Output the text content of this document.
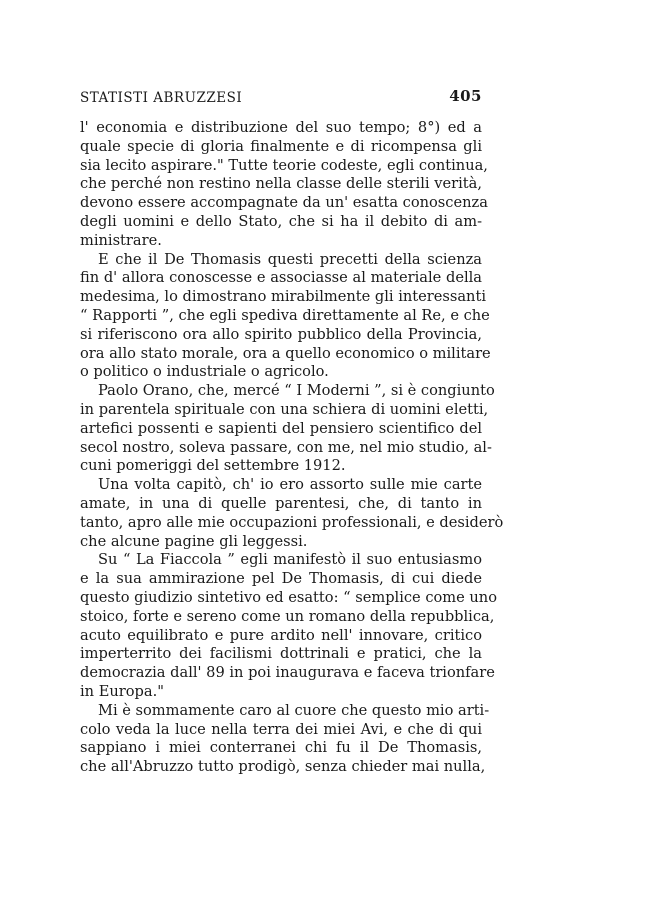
STATISTI ABRUZZESI	405
l' economia e distribuzione del suo tempo; 8°) ed a
quale specie di gloria finalmente e di ricompensa gli
sia lecito aspirare." Tutte teorie codeste, egli continua,
che perché non restino nella classe delle sterili verità,
devono essere accompagnate da un' esatta conoscenza
degli uomini e dello Stato, che si ha il debito di am-
ministrare.
E che il De Thomasis questi precetti della scienza
fin d' allora conoscesse e associasse al materiale della
medesima, lo dimostrano mirabilmente gli interessanti
“ Rapporti ”, che egli spediva direttamente al Re, e che
si riferiscono ora allo spirito pubblico della Provincia,
ora allo stato morale, ora a quello economico o militare
o politico o industriale o agricolo.
Paolo Orano, che, mercé “ I Moderni ”, si è congiunto
in parentela spirituale con una schiera di uomini eletti,
artefici possenti e sapienti del pensiero scientifico del
secol nostro, soleva passare, con me, nel mio studio, al-
cuni pomeriggi del settembre 1912.
Una volta capitò, ch' io ero assorto sulle mie carte
amate, in una di quelle parentesi, che, di tanto in
tanto, apro alle mie occupazioni professionali, e desiderò
che alcune pagine gli leggessi.
Su “ La Fiaccola ” egli manifestò il suo entusiasmo
e la sua ammirazione pel De Thomasis, di cui diede
questo giudizio sintetivo ed esatto: “ semplice come uno
stoico, forte e sereno come un romano della repubblica,
acuto equilibrato e pure ardito nell' innovare, critico
imperterrito dei facilismi dottrinali e pratici, che la
democrazia dall' 89 in poi inaugurava e faceva trionfare
in Europa."
Mi è sommamente caro al cuore che questo mio arti-
colo veda la luce nella terra dei miei Avi, e che di qui
sappiano i miei conterranei chi fu il De Thomasis,
che all'Abruzzo tutto prodigò, senza chieder mai nulla,
